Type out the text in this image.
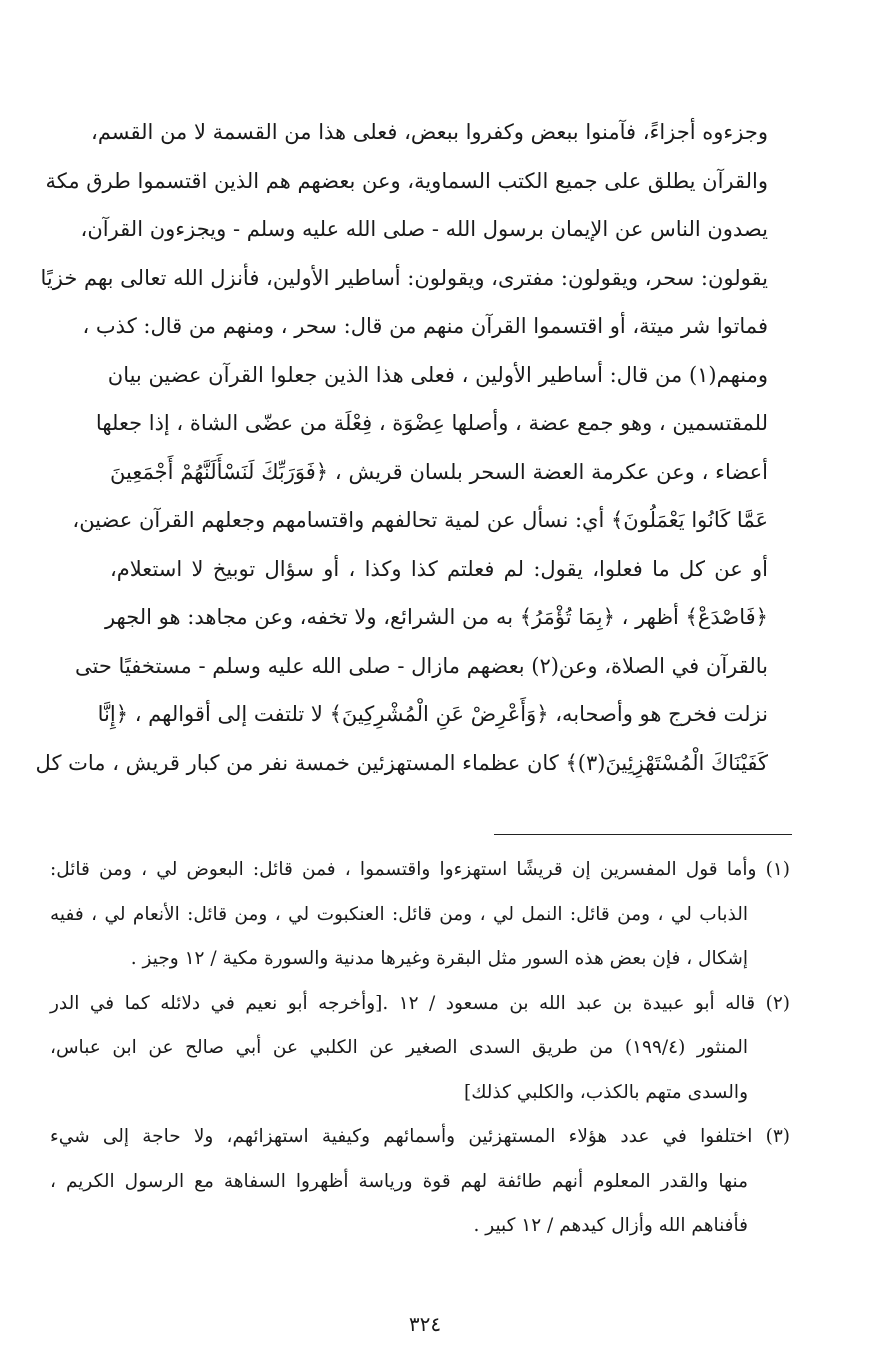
وجزءوه أجزاءً، فآمنوا ببعض وكفروا ببعض، فعلى هذا من القسمة لا من القسم،
والقرآن يطلق على جميع الكتب السماوية، وعن بعضهم هم الذين اقتسموا طرق مكة
يصدون الناس عن الإيمان برسول الله - صلى الله عليه وسلم - ويجزءون القرآن،
يقولون: سحر، ويقولون: مفترى، ويقولون: أساطير الأولين، فأنزل الله تعالى بهم خزيًا
فماتوا شر ميتة، أو اقتسموا القرآن منهم من قال: سحر ، ومنهم من قال: كذب ،
ومنهم(١) من قال: أساطير الأولين ، فعلى هذا الذين جعلوا القرآن عضين بيان
للمقتسمين ، وهو جمع عضة ، وأصلها عِضْوَة ، فِعْلَة من عضّى الشاة ، إذا جعلها
أعضاء ، وعن عكرمة العضة السحر بلسان قريش ، ﴿فَوَرَبِّكَ لَنَسْأَلَنَّهُمْ أَجْمَعِينَ
عَمَّا كَانُوا يَعْمَلُونَ﴾ أي: نسأل عن لمية تحالفهم واقتسامهم وجعلهم القرآن عضين،
أو عن كل ما فعلوا، يقول: لم فعلتم كذا وكذا ، أو سؤال توبيخ لا استعلام،
﴿فَاصْدَعْ﴾ أظهر ، ﴿بِمَا تُؤْمَرُ﴾ به من الشرائع، ولا تخفه، وعن مجاهد: هو الجهر
بالقرآن في الصلاة، وعن(٢) بعضهم مازال - صلى الله عليه وسلم - مستخفيًا حتى
نزلت فخرج هو وأصحابه، ﴿وَأَعْرِضْ عَنِ الْمُشْرِكِينَ﴾ لا تلتفت إلى أقوالهم ، ﴿إِنَّا
كَفَيْنَاكَ الْمُسْتَهْزِئِينَ(٣)﴾ كان عظماء المستهزئين خمسة نفر من كبار قريش ، مات كل
(١) وأما قول المفسرين إن قريشًا استهزءوا واقتسموا ، فمن قائل: البعوض لي ، ومن قائل:
الذباب لي ، ومن قائل: النمل لي ، ومن قائل: العنكبوت لي ، ومن قائل: الأنعام لي ، ففيه
إشكال ، فإن بعض هذه السور مثل البقرة وغيرها مدنية والسورة مكية / ١٢ وجيز .
(٢) قاله أبو عبيدة بن عبد الله بن مسعود / ١٢ .[وأخرجه أبو نعيم في دلائله كما في الدر
المنثور (١٩٩/٤) من طريق السدى الصغير عن الكلبي عن أبي صالح عن ابن عباس،
والسدى متهم بالكذب، والكلبي كذلك]
(٣) اختلفوا في عدد هؤلاء المستهزئين وأسمائهم وكيفية استهزائهم، ولا حاجة إلى شيء
منها والقدر المعلوم أنهم طائفة لهم قوة ورياسة أظهروا السفاهة مع الرسول الكريم ،
فأفناهم الله وأزال كيدهم / ١٢ كبير .
٣٢٤
